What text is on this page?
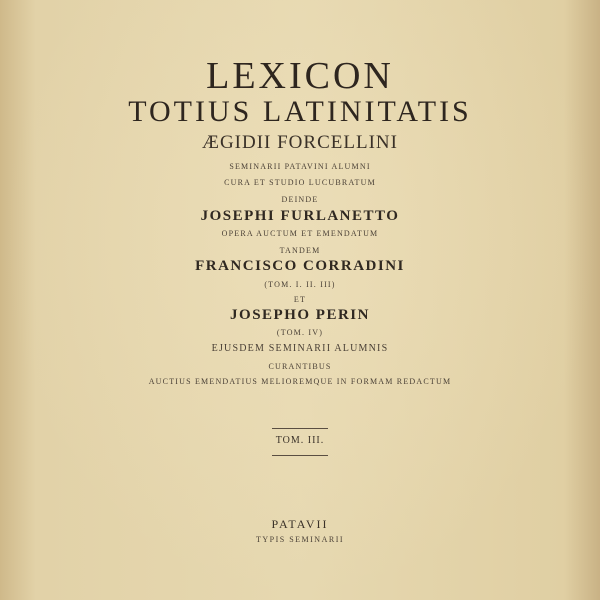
LEXICON
TOTIUS LATINITATIS
ÆGIDII FORCELLINI
SEMINARII PATAVINI ALUMNI
CURA ET STUDIO LUCUBRATUM
DEINDE
JOSEPHI FURLANETTO
OPERA AUCTUM ET EMENDATUM
TANDEM
FRANCISCO CORRADINI
(TOM. I. II. III)
ET
JOSEPHO PERIN
(TOM. IV)
EJUSDEM SEMINARII ALUMNIS
CURANTIBUS
AUCTIUS EMENDATIUS MELIOREMQUE IN FORMAM REDACTUM
TOM. III.
PATAVII
TYPIS SEMINARII
